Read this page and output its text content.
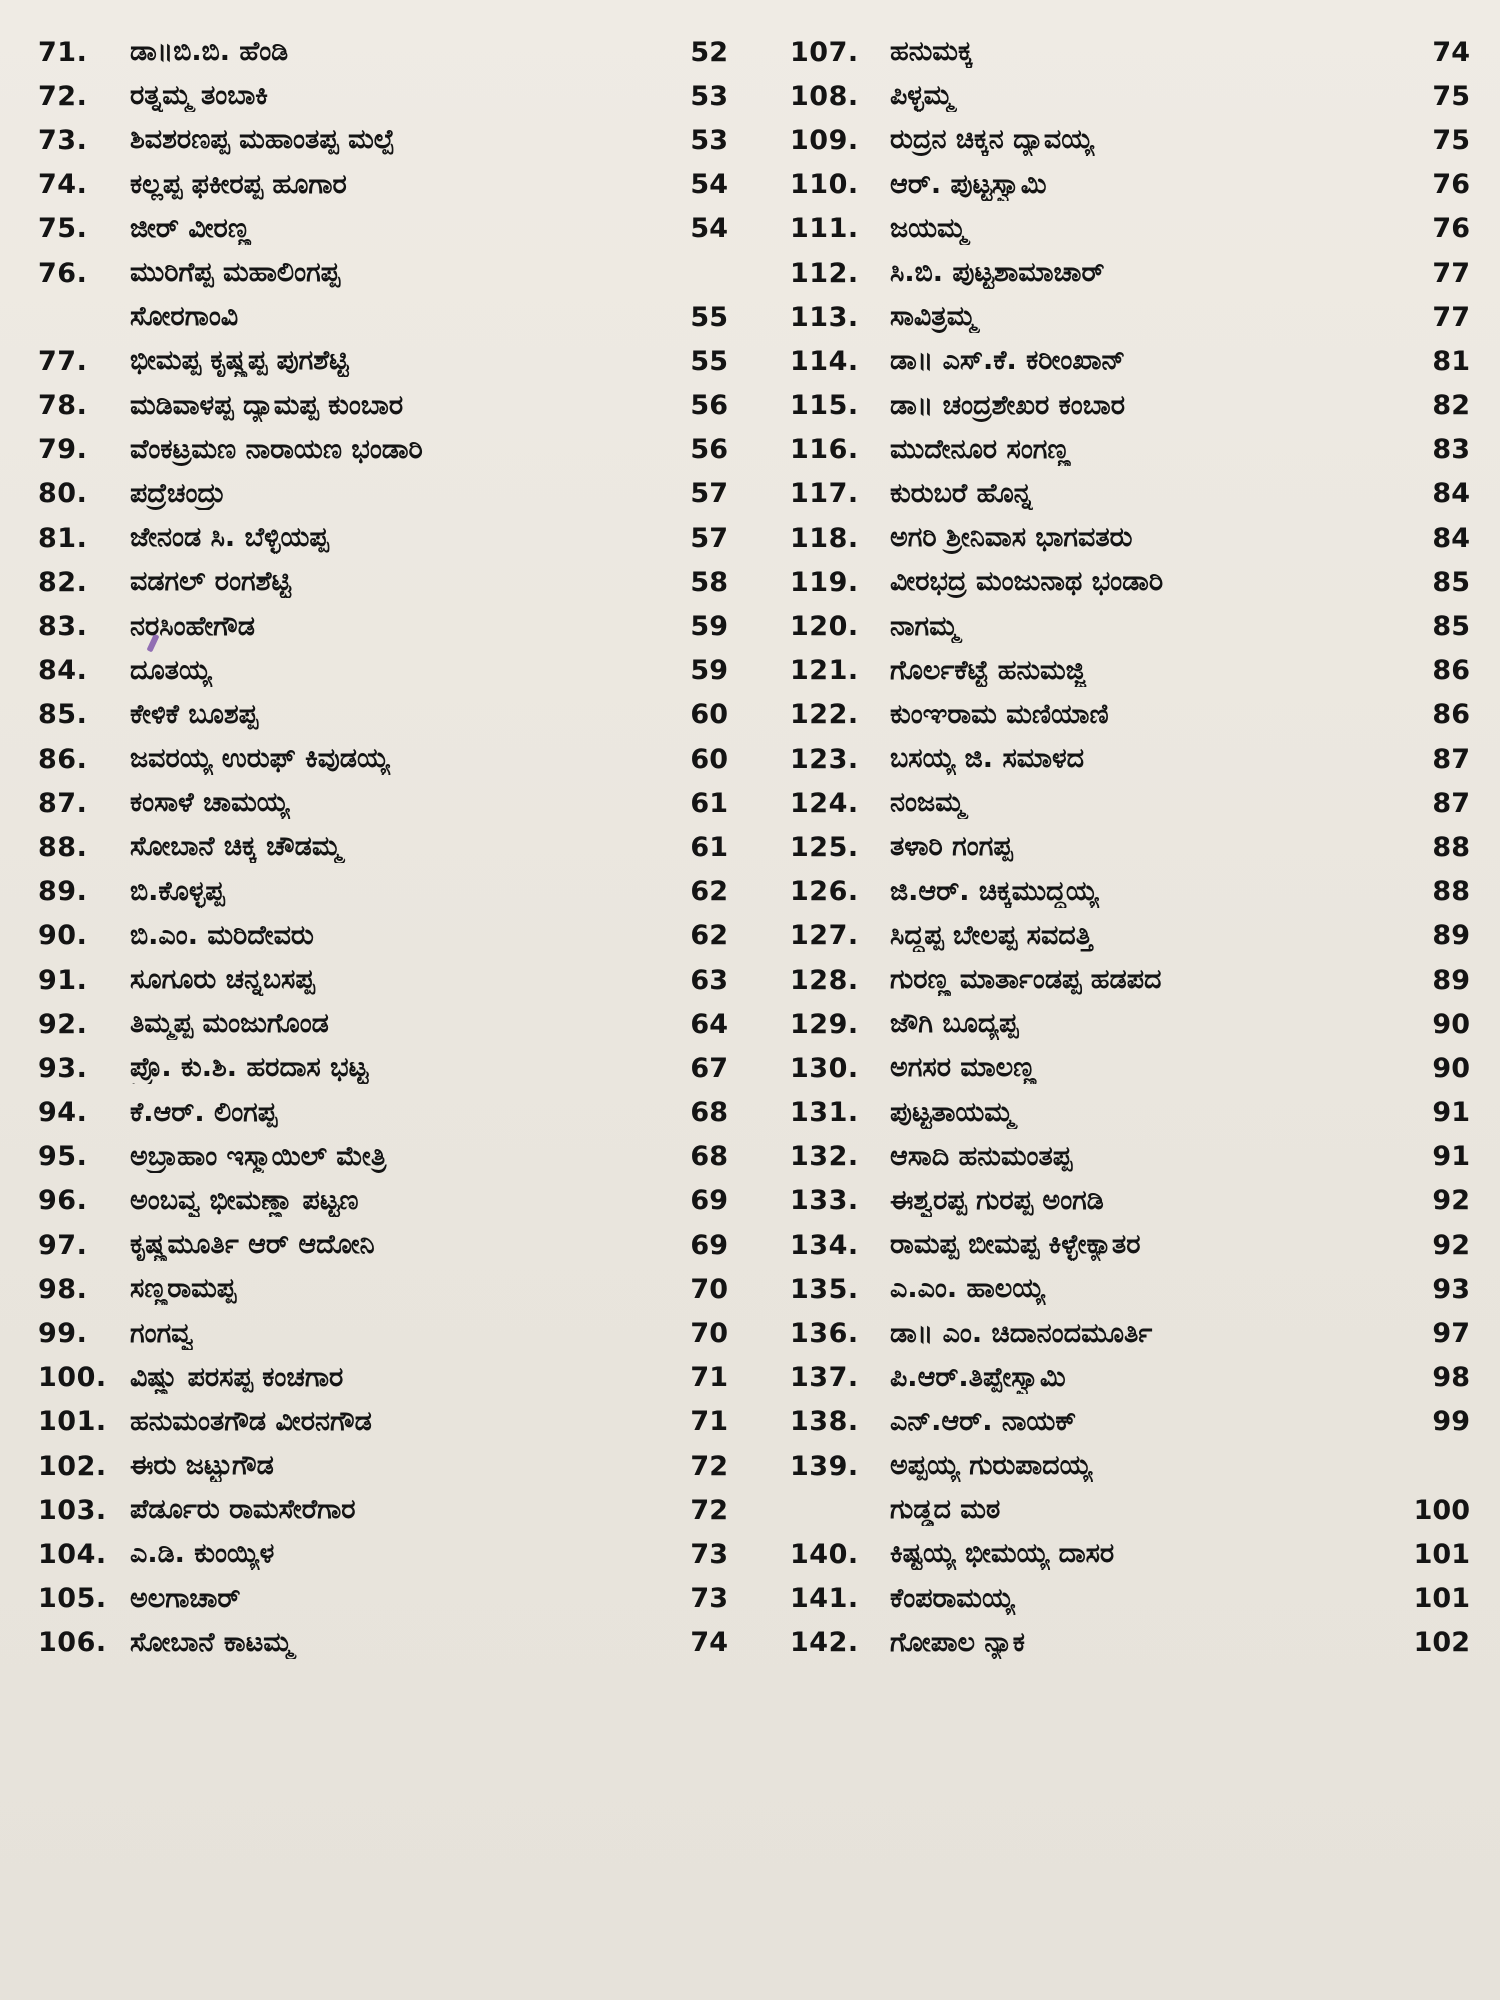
71.	ಡಾ॥ಬಿ.ಬಿ. ಹೆಂಡಿ	52
72.	ರತ್ನಮ್ಮ ತಂಬಾಕಿ	53
73.	ಶಿವಶರಣಪ್ಪ ಮಹಾಂತಪ್ಪ ಮಲ್ಪೆ	53
74.	ಕಲ್ಲಪ್ಪ ಫಕೀರಪ್ಪ ಹೂಗಾರ	54
75.	ಜೀರ್ ವೀರಣ್ಣ	54
76.	ಮುರಿಗೆಪ್ಪ ಮಹಾಲಿಂಗಪ್ಪ
ಸೋರಗಾಂವಿ	55
77.	ಭೀಮಪ್ಪ ಕೃಷ್ಣಪ್ಪ ಪುಗಶೆಟ್ಟಿ	55
78.	ಮಡಿವಾಳಪ್ಪ ದ್ಯಾಮಪ್ಪ ಕುಂಬಾರ	56
79.	ವೆಂಕಟ್ರಮಣ ನಾರಾಯಣ ಭಂಡಾರಿ	56
80.	ಪದ್ರೆಚಂದ್ರು	57
81.	ಜೇನಂಡ ಸಿ. ಬೆಳ್ಳಿಯಪ್ಪ	57
82.	ವಡಗಲ್ ರಂಗಶೆಟ್ಟಿ	58
83.	ನರಸಿಂಹೇಗೌಡ	59
84.	ದೂತಯ್ಯ	59
85.	ಕೇಳಿಕೆ ಬೂಶಪ್ಪ	60
86.	ಜವರಯ್ಯ ಉರುಫ್ ಕಿವುಡಯ್ಯ	60
87.	ಕಂಸಾಳೆ ಚಾಮಯ್ಯ	61
88.	ಸೋಬಾನೆ ಚಿಕ್ಕ ಚೌಡಮ್ಮ	61
89.	ಬಿ.ಕೊಳ್ಳಪ್ಪ	62
90.	ಬಿ.ಎಂ. ಮರಿದೇವರು	62
91.	ಸೂಗೂರು ಚನ್ನಬಸಪ್ಪ	63
92.	ತಿಮ್ಮಪ್ಪ ಮಂಜುಗೊಂಡ	64
93.	ಪ್ರೊ. ಕು.ಶಿ. ಹರದಾಸ ಭಟ್ಟ	67
94.	ಕೆ.ಆರ್. ಲಿಂಗಪ್ಪ	68
95.	ಅಬ್ರಾಹಾಂ ಇಸ್ಮಾಯಿಲ್ ಮೇತ್ರಿ	68
96.	ಅಂಬವ್ವ ಭೀಮಣ್ಣಾ ಪಟ್ಟಣ	69
97.	ಕೃಷ್ಣಮೂರ್ತಿ ಆರ್ ಆದೋನಿ	69
98.	ಸಣ್ಣರಾಮಪ್ಪ	70
99.	ಗಂಗವ್ವ	70
100. ವಿಷ್ಣು ಪರಸಪ್ಪ ಕಂಚಗಾರ	71
101. ಹನುಮಂತಗೌಡ ವೀರನಗೌಡ	71
102. ಈರು ಜಟ್ಟುಗೌಡ	72
103. ಪೆರ್ಡೂರು ರಾಮಸೇರೆಗಾರ	72
104. ಎ.ಡಿ. ಕುಂಯ್ಯಿಳ	73
105. ಅಲಗಾಚಾರ್	73
106. ಸೋಬಾನೆ ಕಾಟಮ್ಮ	74
107.	ಹನುಮಕ್ಕ	74
108.	ಪಿಳ್ಳಮ್ಮ	75
109.	ರುದ್ರನ ಚಿಕ್ಕನ ದ್ಯಾವಯ್ಯ	75
110.	ಆರ್. ಪುಟ್ಟಸ್ವಾಮಿ	76
111.	ಜಯಮ್ಮ	76
112.	ಸಿ.ಬಿ. ಪುಟ್ಟಶಾಮಾಚಾರ್	77
113.	ಸಾವಿತ್ರಮ್ಮ	77
114.	ಡಾ॥ ಎಸ್.ಕೆ. ಕರೀಂಖಾನ್	81
115.	ಡಾ॥ ಚಂದ್ರಶೇಖರ ಕಂಬಾರ	82
116.	ಮುದೇನೂರ ಸಂಗಣ್ಣ	83
117.	ಕುರುಬರೆ ಹೊನ್ನ	84
118.	ಅಗರಿ ಶ್ರೀನಿವಾಸ ಭಾಗವತರು	84
119.	ವೀರಭದ್ರ ಮಂಜುನಾಥ ಭಂಡಾರಿ	85
120.	ನಾಗಮ್ಮ	85
121.	ಗೊರ್ಲಕೆಟ್ಟೆ ಹನುಮಜ್ಜಿ	86
122.	ಕುಂಞರಾಮ ಮಣಿಯಾಣಿ	86
123.	ಬಸಯ್ಯ ಜಿ. ಸಮಾಳದ	87
124.	ನಂಜಮ್ಮ	87
125.	ತಳಾರಿ ಗಂಗಪ್ಪ	88
126.	ಜಿ.ಆರ್. ಚಿಕ್ಕಮುದ್ದಯ್ಯ	88
127.	ಸಿದ್ದಪ್ಪ ಬೇಲಪ್ಪ ಸವದತ್ತಿ	89
128.	ಗುರಣ್ಣ ಮಾರ್ತಾಂಡಪ್ಪ ಹಡಪದ	89
129.	ಜೌಗಿ ಬೂದ್ಯಪ್ಪ	90
130.	ಅಗಸರ ಮಾಲಣ್ಣ	90
131.	ಪುಟ್ಟತಾಯಮ್ಮ	91
132.	ಆಸಾದಿ ಹನುಮಂತಪ್ಪ	91
133.	ಈಶ್ವರಪ್ಪ ಗುರಪ್ಪ ಅಂಗಡಿ	92
134.	ರಾಮಪ್ಪ ಬೀಮಪ್ಪ ಕಿಳ್ಳೇಕ್ಯಾತರ	92
135.	ಎ.ಎಂ. ಹಾಲಯ್ಯ	93
136.	ಡಾ॥ ಎಂ. ಚಿದಾನಂದಮೂರ್ತಿ	97
137.	ಪಿ.ಆರ್.ತಿಪ್ಪೇಸ್ವಾಮಿ	98
138.	ಎನ್.ಆರ್. ನಾಯಕ್	99
139.	ಅಪ್ಪಯ್ಯ ಗುರುಪಾದಯ್ಯ
ಗುಡ್ಡದ ಮಠ	100
140.	ಕಿಷ್ಟಯ್ಯ ಭೀಮಯ್ಯ ದಾಸರ	101
141.	ಕೆಂಪರಾಮಯ್ಯ	101
142.	ಗೋಪಾಲ ನ್ಯಾಕ	102
